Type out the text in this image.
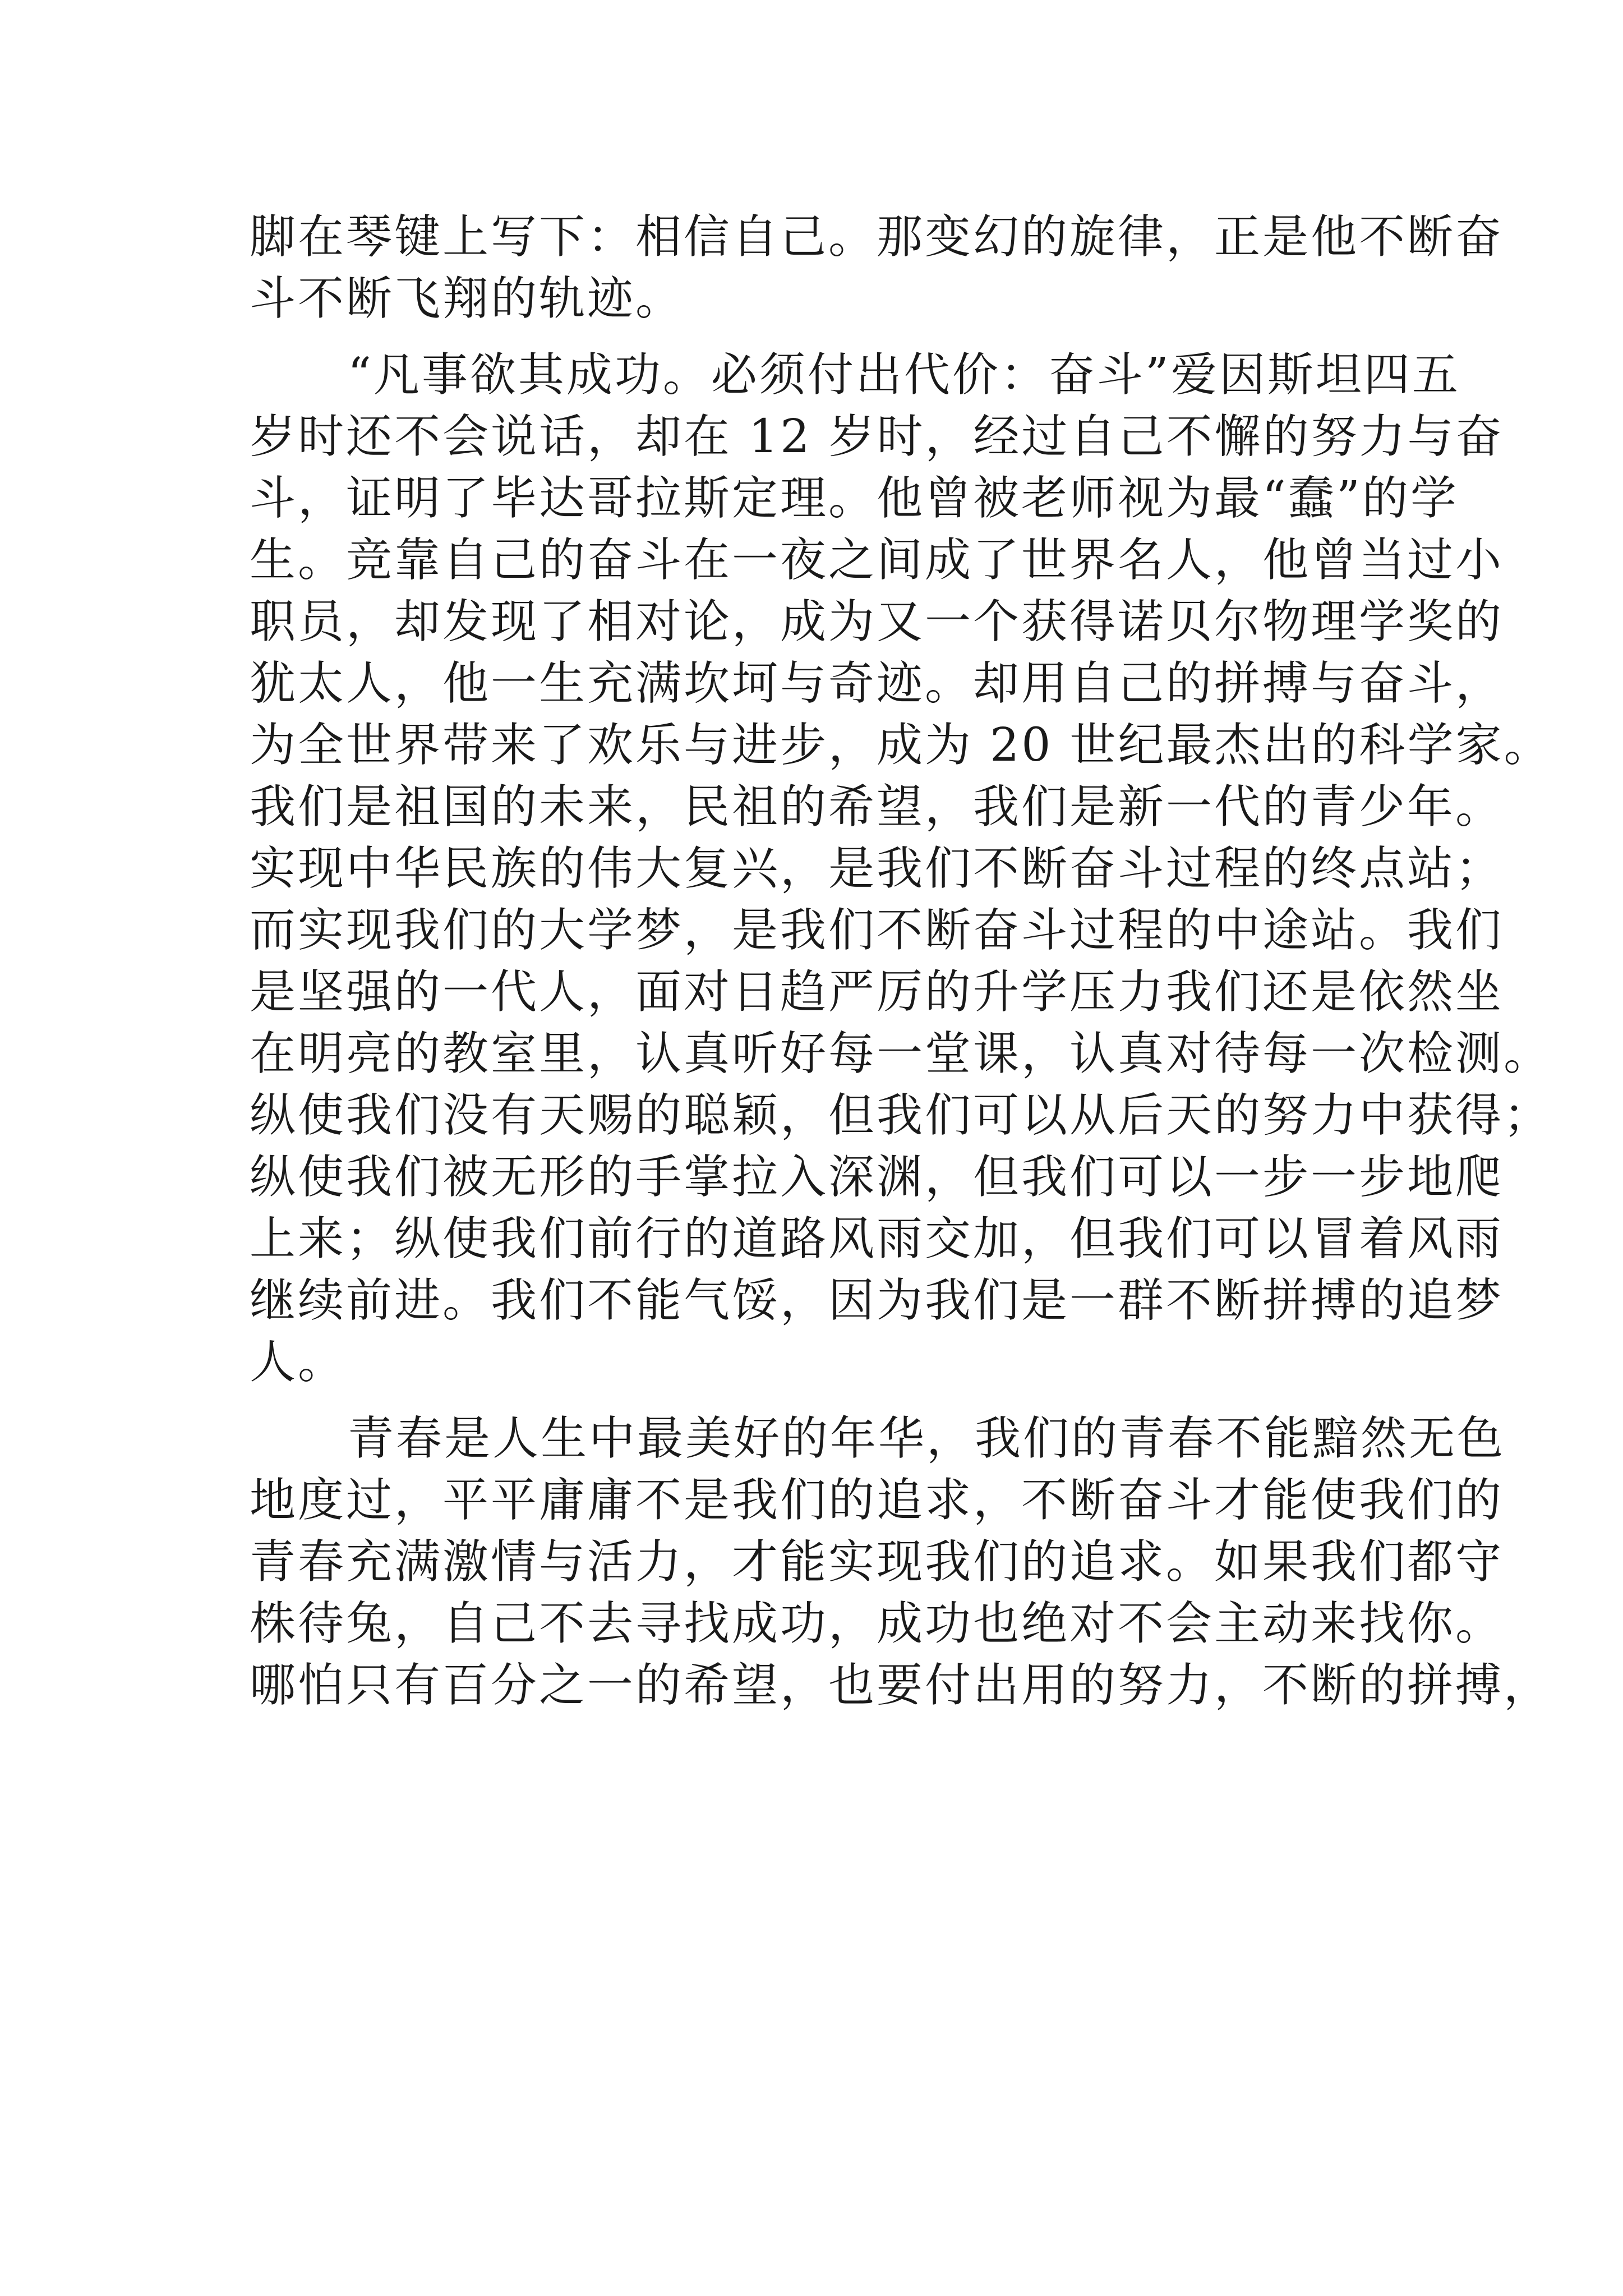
脚在琴键上写下：相信自己。那变幻的旋律，正是他不断奋
斗不断飞翔的轨迹。
“凡事欲其成功。必须付出代价：奋斗”爱因斯坦四五
岁时还不会说话，却在 12 岁时，经过自己不懈的努力与奋
斗，证明了毕达哥拉斯定理。他曾被老师视为最“蠢”的学
生。竞靠自己的奋斗在一夜之间成了世界名人，他曾当过小
职员，却发现了相对论，成为又一个获得诺贝尔物理学奖的
犹太人，他一生充满坎坷与奇迹。却用自己的拼搏与奋斗，
为全世界带来了欢乐与进步，成为 20 世纪最杰出的科学家。
我们是祖国的未来，民祖的希望，我们是新一代的青少年。
实现中华民族的伟大复兴，是我们不断奋斗过程的终点站；
而实现我们的大学梦，是我们不断奋斗过程的中途站。我们
是坚强的一代人，面对日趋严厉的升学压力我们还是依然坐
在明亮的教室里，认真听好每一堂课，认真对待每一次检测。
纵使我们没有天赐的聪颖，但我们可以从后天的努力中获得；
纵使我们被无形的手掌拉入深渊，但我们可以一步一步地爬
上来；纵使我们前行的道路风雨交加，但我们可以冒着风雨
继续前进。我们不能气馁，因为我们是一群不断拼搏的追梦
人。
青春是人生中最美好的年华，我们的青春不能黯然无色
地度过，平平庸庸不是我们的追求，不断奋斗才能使我们的
青春充满激情与活力，才能实现我们的追求。如果我们都守
株待兔，自己不去寻找成功，成功也绝对不会主动来找你。
哪怕只有百分之一的希望，也要付出用的努力，不断的拼搏，
